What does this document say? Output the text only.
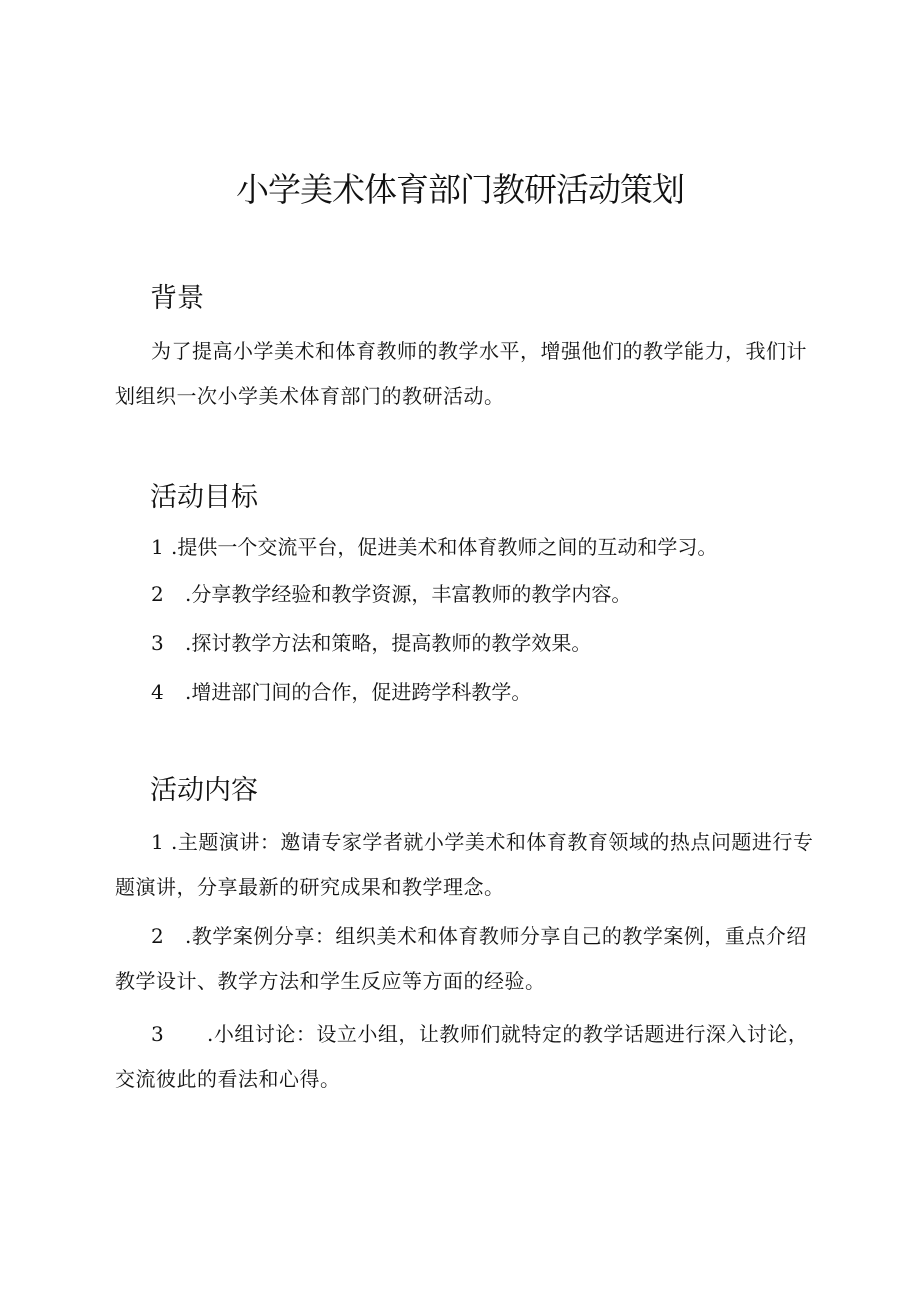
小学美术体育部门教研活动策划
背景

为了提高小学美术和体育教师的教学水平，增强他们的教学能力，我们计划组织一次小学美术体育部门的教研活动。

活动目标

1 .提供一个交流平台，促进美术和体育教师之间的互动和学习。

2 .分享教学经验和教学资源，丰富教师的教学内容。

3 .探讨教学方法和策略，提高教师的教学效果。

4 .增进部门间的合作，促进跨学科教学。

活动内容

1 .主题演讲：邀请专家学者就小学美术和体育教育领域的热点问题进行专题演讲，分享最新的研究成果和教学理念。

2 .教学案例分享：组织美术和体育教师分享自己的教学案例，重点介绍教学设计、教学方法和学生反应等方面的经验。

3 .小组讨论：设立小组，让教师们就特定的教学话题进行深入讨论，交流彼此的看法和心得。
